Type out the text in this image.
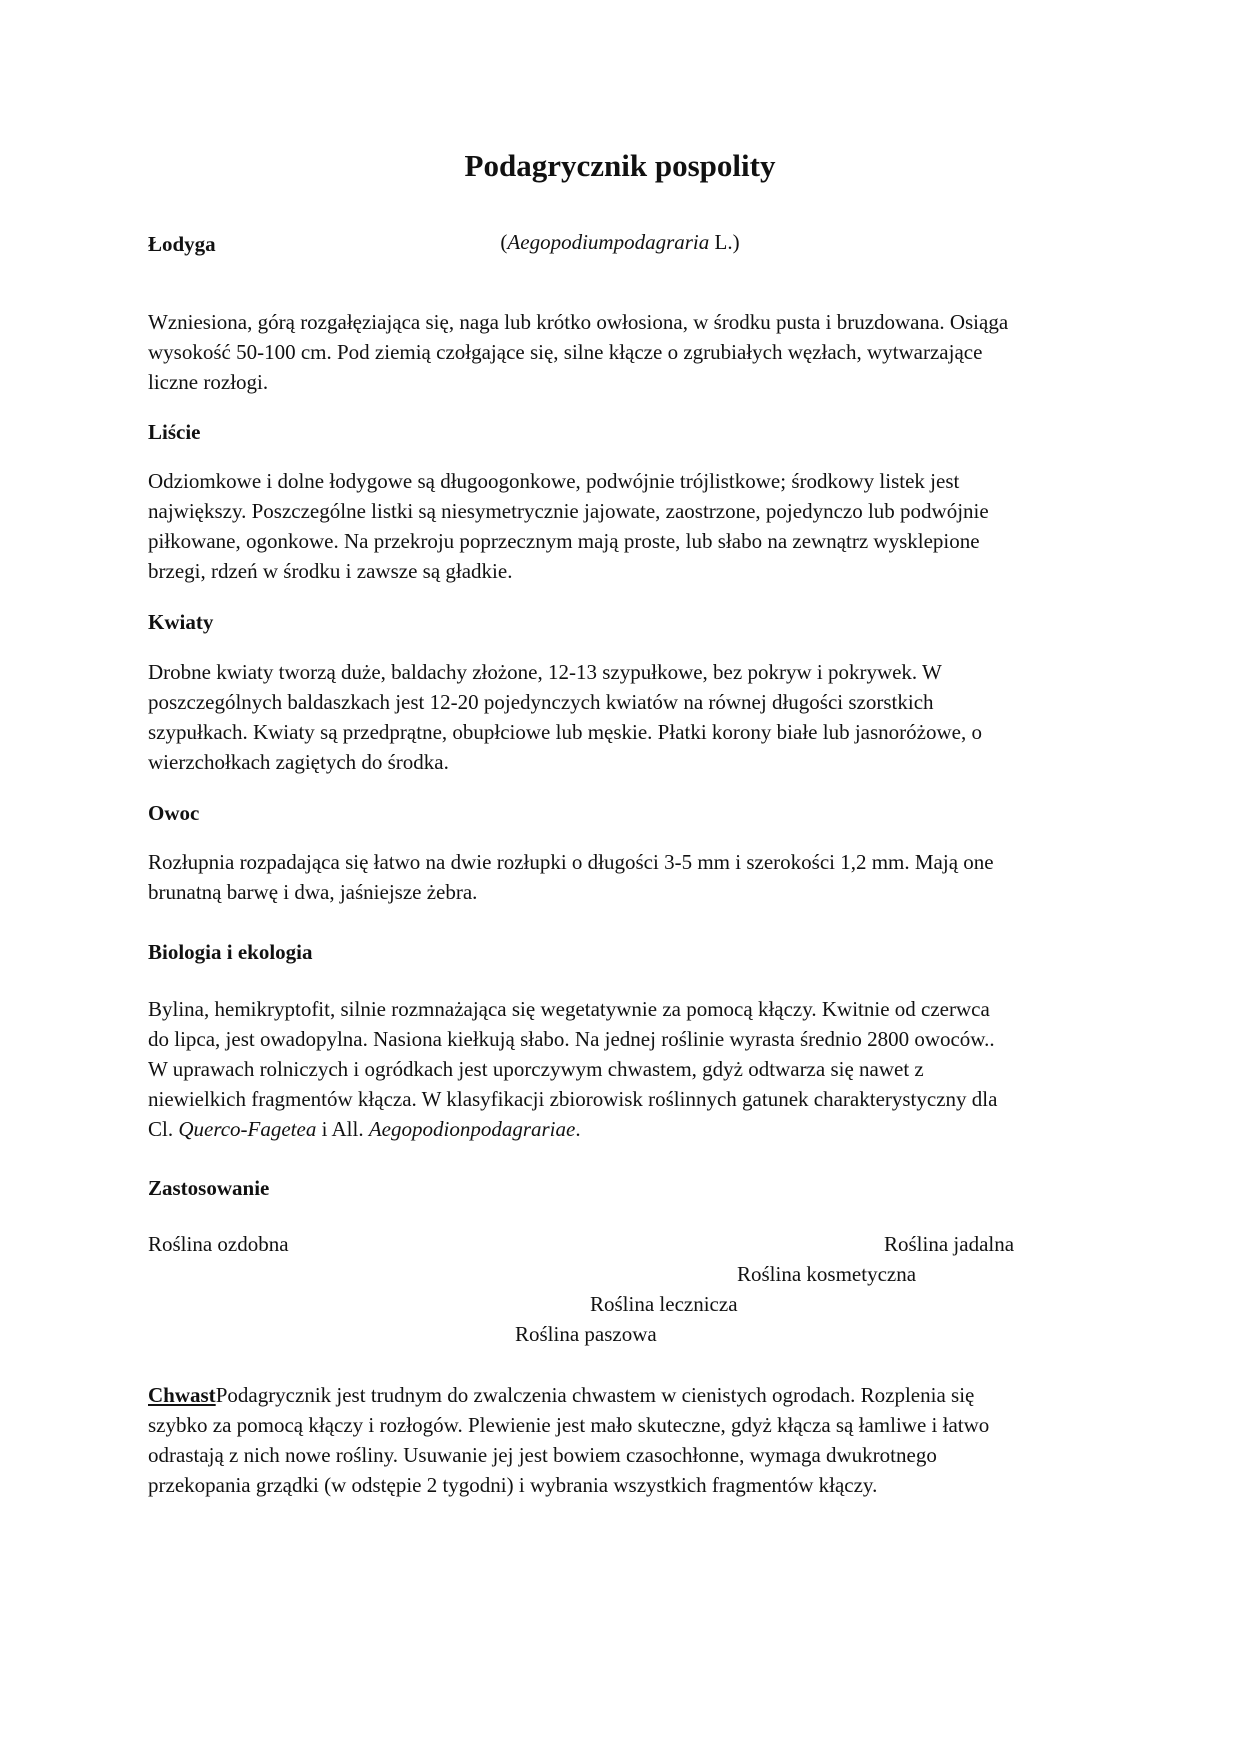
Podagrycznik pospolity
(Aegopodiumpodagraria L.)
Łodyga
Wzniesiona, górą rozgałęziająca się, naga lub krótko owłosiona, w środku pusta i bruzdowana. Osiąga
wysokość 50-100 cm. Pod ziemią czołgające się, silne kłącze o zgrubiałych węzłach, wytwarzające
liczne rozłogi.
Liście
Odziomkowe i dolne łodygowe są długoogonkowe, podwójnie trójlistkowe; środkowy listek jest
największy. Poszczególne listki są niesymetrycznie jajowate, zaostrzone, pojedynczo lub podwójnie
piłkowane, ogonkowe. Na przekroju poprzecznym mają proste, lub słabo na zewnątrz wysklepione
brzegi, rdzeń w środku i zawsze są gładkie.
Kwiaty
Drobne kwiaty tworzą duże, baldachy złożone, 12-13 szypułkowe, bez pokryw i pokrywek. W
poszczególnych baldaszkach jest 12-20 pojedynczych kwiatów na równej długości szorstkich
szypułkach. Kwiaty są przedprątne, obupłciowe lub męskie. Płatki korony białe lub jasnoróżowe, o
wierzchołkach zagiętych do środka.
Owoc
Rozłupnia rozpadająca się łatwo na dwie rozłupki o długości 3-5 mm i szerokości 1,2 mm. Mają one
brunatną barwę i dwa, jaśniejsze żebra.
Biologia i ekologia
Bylina, hemikryptofit, silnie rozmnażająca się wegetatywnie za pomocą kłączy. Kwitnie od czerwca
do lipca, jest owadopylna. Nasiona kiełkują słabo. Na jednej roślinie wyrasta średnio 2800 owoców..
W uprawach rolniczych i ogródkach jest uporczywym chwastem, gdyż odtwarza się nawet z
niewielkich fragmentów kłącza. W klasyfikacji zbiorowisk roślinnych gatunek charakterystyczny dla
Cl. Querco-Fagetea i All. Aegopodionpodagrariae.
Zastosowanie
Roślina ozdobna	Roślina jadalna
Roślina kosmetyczna
Roślina lecznicza
Roślina paszowa
ChwastPodagrycznik jest trudnym do zwalczenia chwastem w cienistych ogrodach. Rozplenia się
szybko za pomocą kłączy i rozłogów. Plewienie jest mało skuteczne, gdyż kłącza są łamliwe i łatwo
odrastają z nich nowe rośliny. Usuwanie jej jest bowiem czasochłonne, wymaga dwukrotnego
przekopania grządki (w odstępie 2 tygodni) i wybrania wszystkich fragmentów kłączy.
